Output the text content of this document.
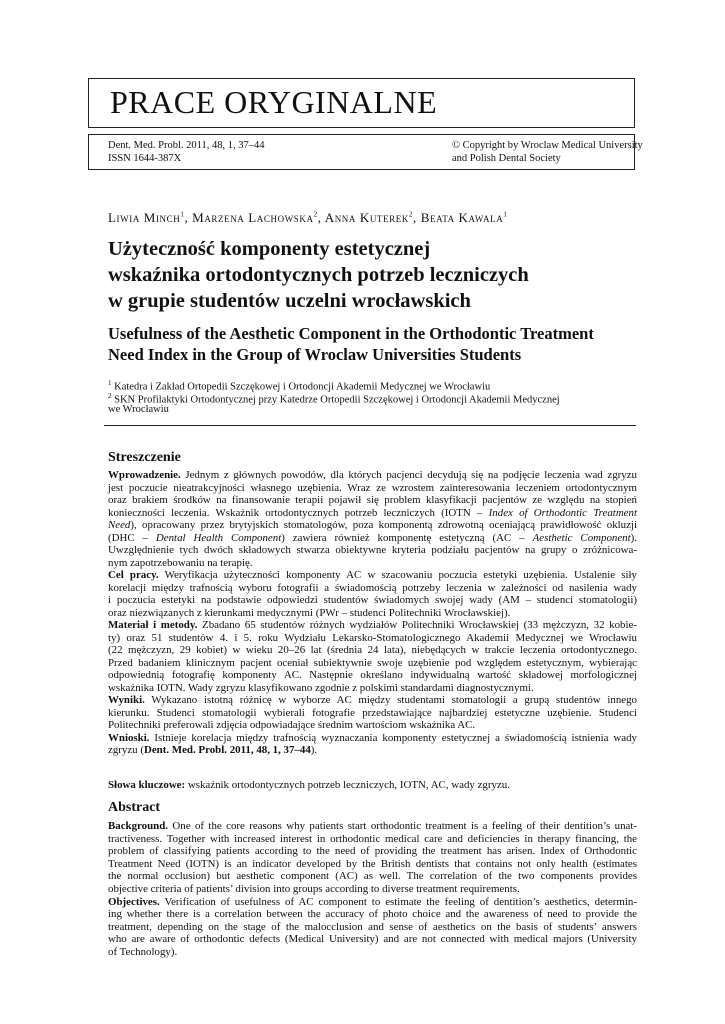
PRACE ORYGINALNE
Dent. Med. Probl. 2011, 48, 1, 37–44
ISSN 1644-387X
© Copyright by Wroclaw Medical University
and Polish Dental Society
Liwia Minch$^1$, Marzena Lachowska$^2$, Anna Kuterek$^2$, Beata Kawala$^1$
Użyteczność komponenty estetycznej
wskaźnika ortodontycznych potrzeb leczniczych
w grupie studentów uczelni wrocławskich
Usefulness of the Aesthetic Component in the Orthodontic Treatment
Need Index in the Group of Wroclaw Universities Students
$^1$ Katedra i Zakład Ortopedii Szczękowej i Ortodoncji Akademii Medycznej we Wrocławiu
$^2$ SKN Profilaktyki Ortodontycznej przy Katedrze Ortopedii Szczękowej i Ortodoncji Akademii Medycznej
we Wrocławiu
Streszczenie
Wprowadzenie. Jednym z głównych powodów, dla których pacjenci decydują się na podjęcie leczenia wad zgryzu
jest poczucie nieatrakcyjności własnego uzębienia. Wraz ze wzrostem zainteresowania leczeniem ortodontycznym
oraz brakiem środków na finansowanie terapii pojawił się problem klasyfikacji pacjentów ze względu na stopień
konieczności leczenia. Wskaźnik ortodontycznych potrzeb leczniczych (IOTN – Index of Orthodontic Treatment
Need), opracowany przez brytyjskich stomatologów, poza komponentą zdrowotną oceniającą prawidłowość okluzji
(DHC – Dental Health Component) zawiera również komponentę estetyczną (AC – Aesthetic Component).
Uwzględnienie tych dwóch składowych stwarza obiektywne kryteria podziału pacjentów na grupy o zróżnicowa-
nym zapotrzebowaniu na terapię.
Cel pracy. Weryfikacja użyteczności komponenty AC w szacowaniu poczucia estetyki uzębienia. Ustalenie siły
korelacji między trafnością wyboru fotografii a świadomością potrzeby leczenia w zależności od nasilenia wady
i poczucia estetyki na podstawie odpowiedzi studentów świadomych swojej wady (AM – studenci stomatologii)
oraz niezwiązanych z kierunkami medycznymi (PWr – studenci Politechniki Wrocławskiej).
Materiał i metody. Zbadano 65 studentów różnych wydziałów Politechniki Wrocławskiej (33 mężczyzn, 32 kobie-
ty) oraz 51 studentów 4. i 5. roku Wydziału Lekarsko-Stomatologicznego Akademii Medycznej we Wrocławiu
(22 mężczyzn, 29 kobiet) w wieku 20–26 lat (średnia 24 lata), niebędących w trakcie leczenia ortodontycznego.
Przed badaniem klinicznym pacjent oceniał subiektywnie swoje uzębienie pod względem estetycznym, wybierając
odpowiednią fotografię komponenty AC. Następnie określano indywidualną wartość składowej morfologicznej
wskaźnika IOTN. Wady zgryzu klasyfikowano zgodnie z polskimi standardami diagnostycznymi.
Wyniki. Wykazano istotną różnicę w wyborze AC między studentami stomatologii a grupą studentów innego
kierunku. Studenci stomatologii wybierali fotografie przedstawiające najbardziej estetyczne uzębienie. Studenci
Politechniki preferowali zdjęcia odpowiadające średnim wartościom wskaźnika AC.
Wnioski. Istnieje korelacja między trafnością wyznaczania komponenty estetycznej a świadomością istnienia wady
zgryzu (Dent. Med. Probl. 2011, 48, 1, 37–44).
Słowa kluczowe: wskaźnik ortodontycznych potrzeb leczniczych, IOTN, AC, wady zgryzu.
Abstract
Background. One of the core reasons why patients start orthodontic treatment is a feeling of their dentition’s unat-
tractiveness. Together with increased interest in orthodontic medical care and deficiencies in therapy financing, the
problem of classifying patients according to the need of providing the treatment has arisen. Index of Orthodontic
Treatment Need (IOTN) is an indicator developed by the British dentists that contains not only health (estimates
the normal occlusion) but aesthetic component (AC) as well. The correlation of the two components provides
objective criteria of patients’ division into groups according to diverse treatment requirements.
Objectives. Verification of usefulness of AC component to estimate the feeling of dentition’s aesthetics, determin-
ing whether there is a correlation between the accuracy of photo choice and the awareness of need to provide the
treatment, depending on the stage of the malocclusion and sense of aesthetics on the basis of students’ answers
who are aware of orthodontic defects (Medical University) and are not connected with medical majors (University
of Technology).
